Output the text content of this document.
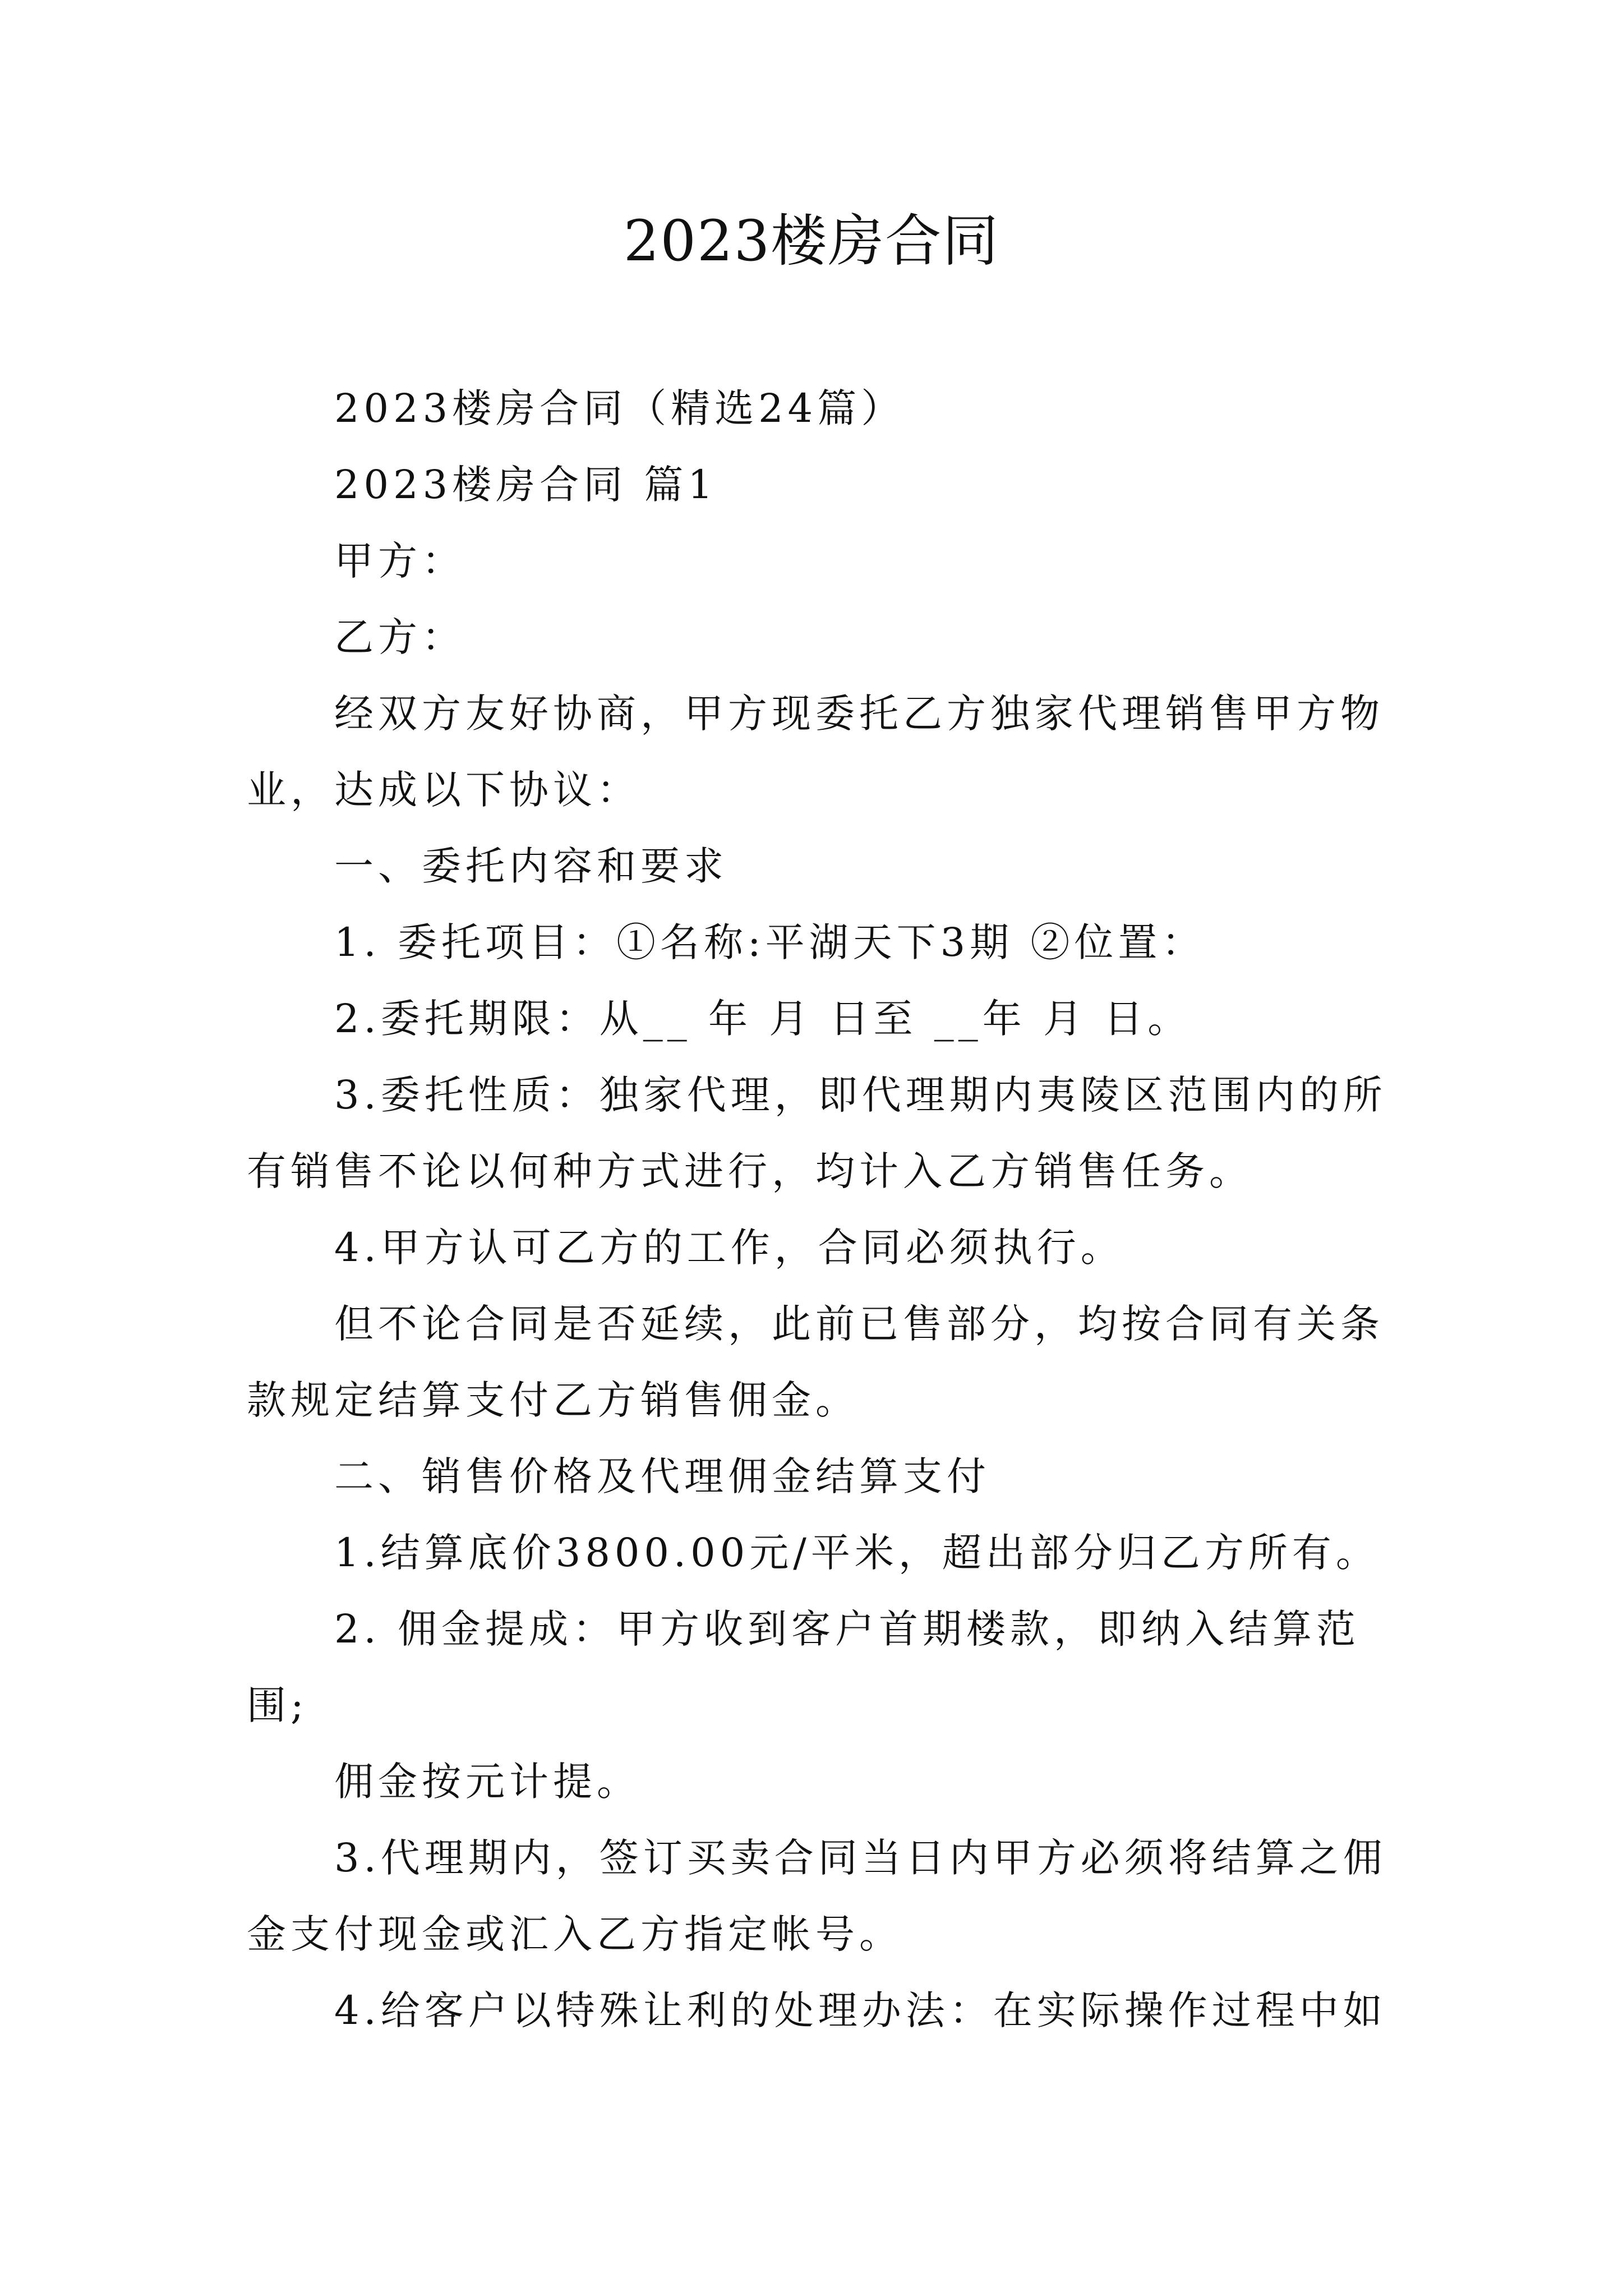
2023楼房合同

2023楼房合同（精选24篇）

2023楼房合同 篇1

甲方：

乙方：

经双方友好协商，甲方现委托乙方独家代理销售甲方物业，达成以下协议：

一、委托内容和要求

1. 委托项目：①名称:平湖天下3期 ②位置：

2.委托期限：从__ 年 月 日至 __年 月 日。

3.委托性质：独家代理，即代理期内夷陵区范围内的所有销售不论以何种方式进行，均计入乙方销售任务。

4.甲方认可乙方的工作，合同必须执行。

但不论合同是否延续，此前已售部分，均按合同有关条款规定结算支付乙方销售佣金。

二、销售价格及代理佣金结算支付

1.结算底价3800.00元/平米，超出部分归乙方所有。

2. 佣金提成：甲方收到客户首期楼款，即纳入结算范围;

佣金按元计提。

3.代理期内，签订买卖合同当日内甲方必须将结算之佣金支付现金或汇入乙方指定帐号。

4.给客户以特殊让利的处理办法：在实际操作过程中如
